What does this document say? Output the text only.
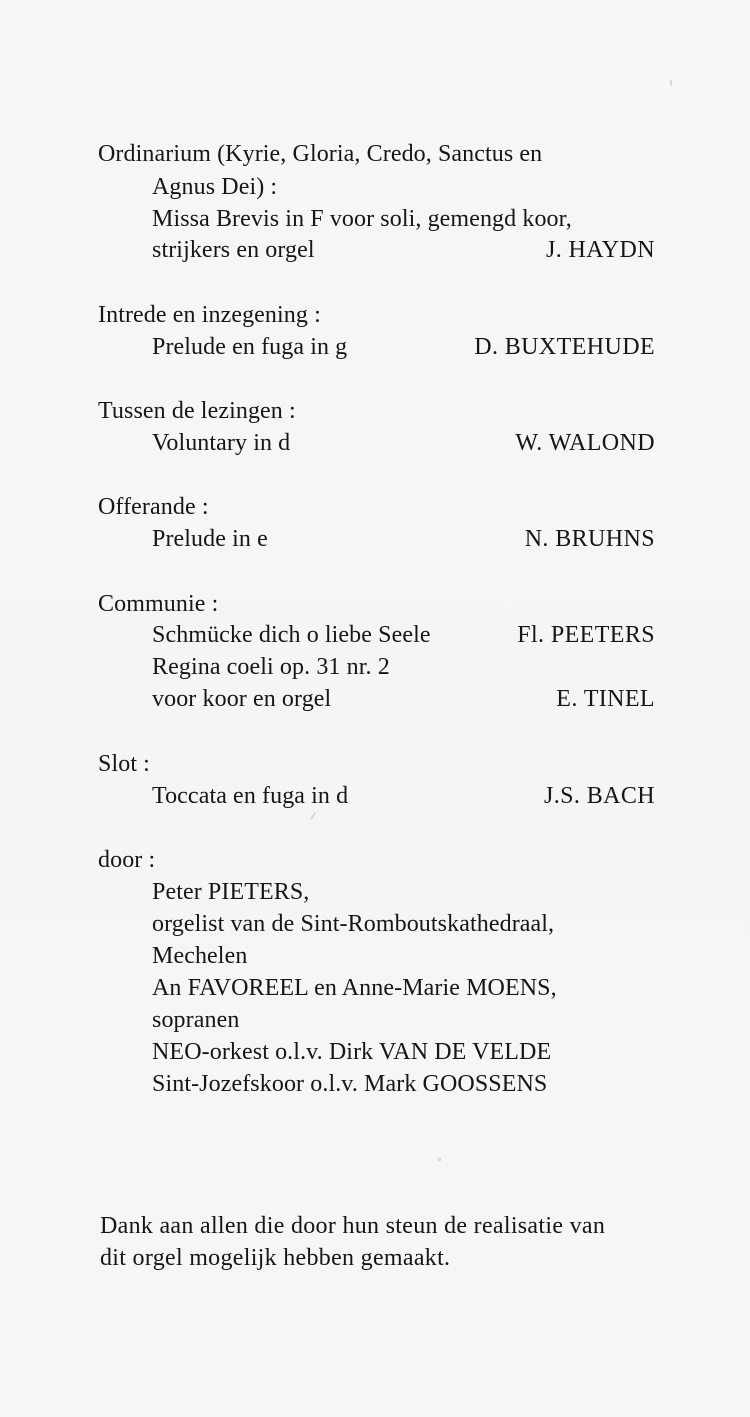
Ordinarium (Kyrie, Gloria, Credo, Sanctus en
Agnus Dei) :
Missa Brevis in F voor soli, gemengd koor,
strijkers en orgel	J. HAYDN
Intrede en inzegening :
Prelude en fuga in g	D. BUXTEHUDE
Tussen de lezingen :
Voluntary in d	W. WALOND
Offerande :
Prelude in e	N. BRUHNS
Communie :
Schmücke dich o liebe Seele	Fl. PEETERS
Regina coeli op. 31 nr. 2
voor koor en orgel	E. TINEL
Slot :
Toccata en fuga in d	J.S. BACH
door :
Peter PIETERS,
orgelist van de Sint-Romboutskathedraal,
Mechelen
An FAVOREEL en Anne-Marie MOENS,
sopranen
NEO-orkest o.l.v. Dirk VAN DE VELDE
Sint-Jozefskoor o.l.v. Mark GOOSSENS
Dank aan allen die door hun steun de realisatie van
dit orgel mogelijk hebben gemaakt.
